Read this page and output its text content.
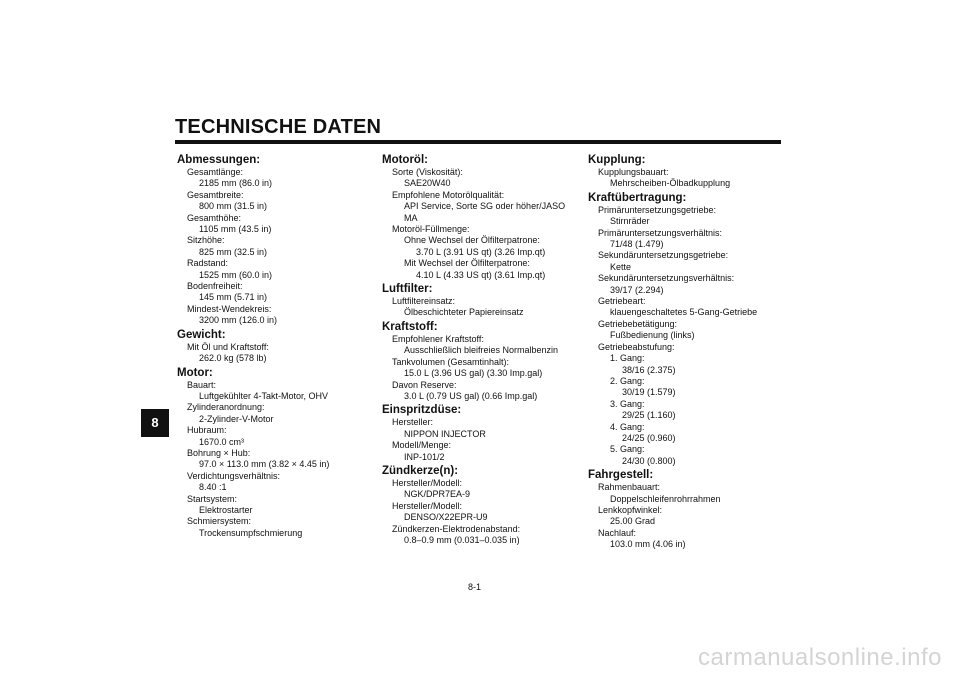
TECHNISCHE DATEN
8
Abmessungen:
Gesamtlänge:
2185 mm (86.0 in)
Gesamtbreite:
800 mm (31.5 in)
Gesamthöhe:
1105 mm (43.5 in)
Sitzhöhe:
825 mm (32.5 in)
Radstand:
1525 mm (60.0 in)
Bodenfreiheit:
145 mm (5.71 in)
Mindest-Wendekreis:
3200 mm (126.0 in)
Gewicht:
Mit Öl und Kraftstoff:
262.0 kg (578 lb)
Motor:
Bauart:
Luftgekühlter 4-Takt-Motor, OHV
Zylinderanordnung:
2-Zylinder-V-Motor
Hubraum:
1670.0 cm³
Bohrung × Hub:
97.0 × 113.0 mm (3.82 × 4.45 in)
Verdichtungsverhältnis:
8.40 :1
Startsystem:
Elektrostarter
Schmiersystem:
Trockensumpfschmierung
Motoröl:
Sorte (Viskosität):
SAE20W40
Empfohlene Motorölqualität:
API Service, Sorte SG oder höher/JASO
MA
Motoröl-Füllmenge:
Ohne Wechsel der Ölfilterpatrone:
3.70 L (3.91 US qt) (3.26 Imp.qt)
Mit Wechsel der Ölfilterpatrone:
4.10 L (4.33 US qt) (3.61 Imp.qt)
Luftfilter:
Luftfiltereinsatz:
Ölbeschichteter Papiereinsatz
Kraftstoff:
Empfohlener Kraftstoff:
Ausschließlich bleifreies Normalbenzin
Tankvolumen (Gesamtinhalt):
15.0 L (3.96 US gal) (3.30 Imp.gal)
Davon Reserve:
3.0 L (0.79 US gal) (0.66 Imp.gal)
Einspritzdüse:
Hersteller:
NIPPON INJECTOR
Modell/Menge:
INP-101/2
Zündkerze(n):
Hersteller/Modell:
NGK/DPR7EA-9
Hersteller/Modell:
DENSO/X22EPR-U9
Zündkerzen-Elektrodenabstand:
0.8–0.9 mm (0.031–0.035 in)
Kupplung:
Kupplungsbauart:
Mehrscheiben-Ölbadkupplung
Kraftübertragung:
Primäruntersetzungsgetriebe:
Stirnräder
Primäruntersetzungsverhältnis:
71/48 (1.479)
Sekundäruntersetzungsgetriebe:
Kette
Sekundäruntersetzungsverhältnis:
39/17 (2.294)
Getriebeart:
klauengeschaltetes 5-Gang-Getriebe
Getriebebetätigung:
Fußbedienung (links)
Getriebeabstufung:
1. Gang:
38/16 (2.375)
2. Gang:
30/19 (1.579)
3. Gang:
29/25 (1.160)
4. Gang:
24/25 (0.960)
5. Gang:
24/30 (0.800)
Fahrgestell:
Rahmenbauart:
Doppelschleifenrohrrahmen
Lenkkopfwinkel:
25.00 Grad
Nachlauf:
103.0 mm (4.06 in)
8-1
carmanualsonline.info
